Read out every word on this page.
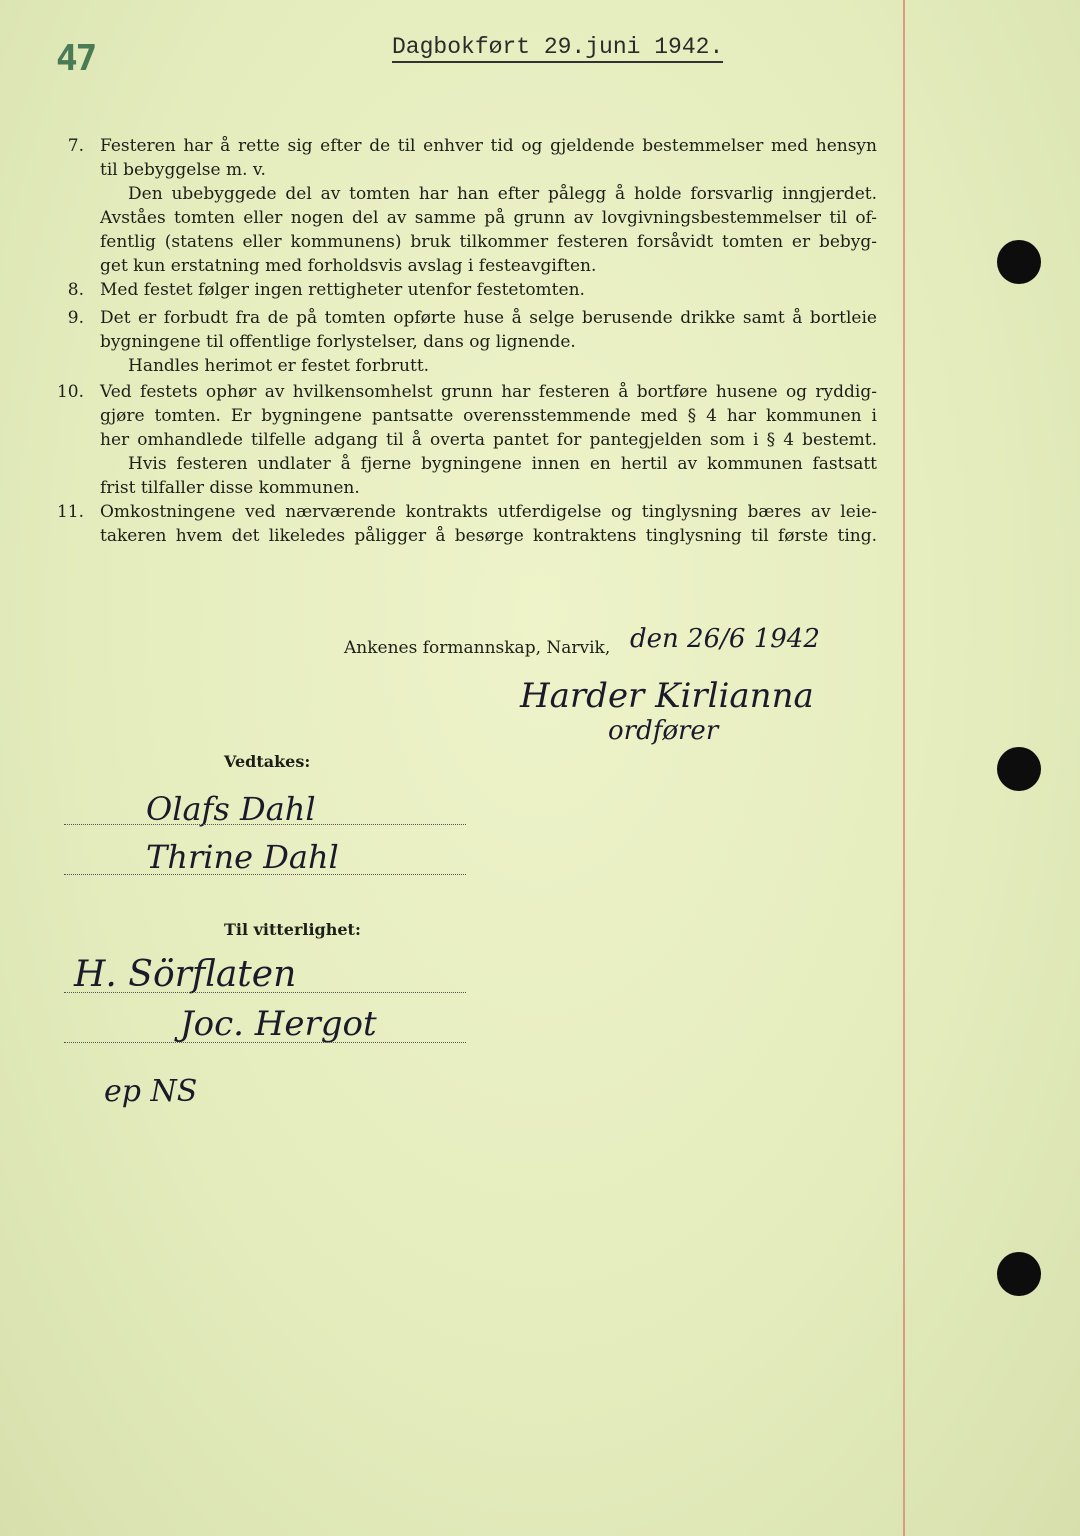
47	Dagbokført 29.juni 1942.
7. Festeren har å rette sig efter de til enhver tid og gjeldende bestemmelser med hensyn
til bebyggelse m. v.
Den ubebyggede del av tomten har han efter pålegg å holde forsvarlig inngjerdet.
Avståes tomten eller nogen del av samme på grunn av lovgivningsbestemmelser til of-
fentlig (statens eller kommunens) bruk tilkommer festeren forsåvidt tomten er bebyg-
get kun erstatning med forholdsvis avslag i festeavgiften.
8. Med festet følger ingen rettigheter utenfor festetomten.
9. Det er forbudt fra de på tomten opførte huse å selge berusende drikke samt å bortleie
bygningene til offentlige forlystelser, dans og lignende.
Handles herimot er festet forbrutt.
10. Ved festets ophør av hvilkensomhelst grunn har festeren å bortføre husene og ryddig-
gjøre tomten. Er bygningene pantsatte overensstemmende med § 4 har kommunen i
her omhandlede tilfelle adgang til å overta pantet for pantegjelden som i § 4 bestemt.
Hvis festeren undlater å fjerne bygningene innen en hertil av kommunen fastsatt
frist tilfaller disse kommunen.
11. Omkostningene ved nærværende kontrakts utferdigelse og tinglysning bæres av leie-
takeren hvem det likeledes påligger å besørge kontraktens tinglysning til første ting.
Ankenes formannskap, Narvik, den 26/6 1942
Harder Kirlianna
ordfører
Vedtakes:
Olafs Dahl
Thrine Dahl
Til vitterlighet:
H. Sörflaten
Joc. Hergot
ep NS
